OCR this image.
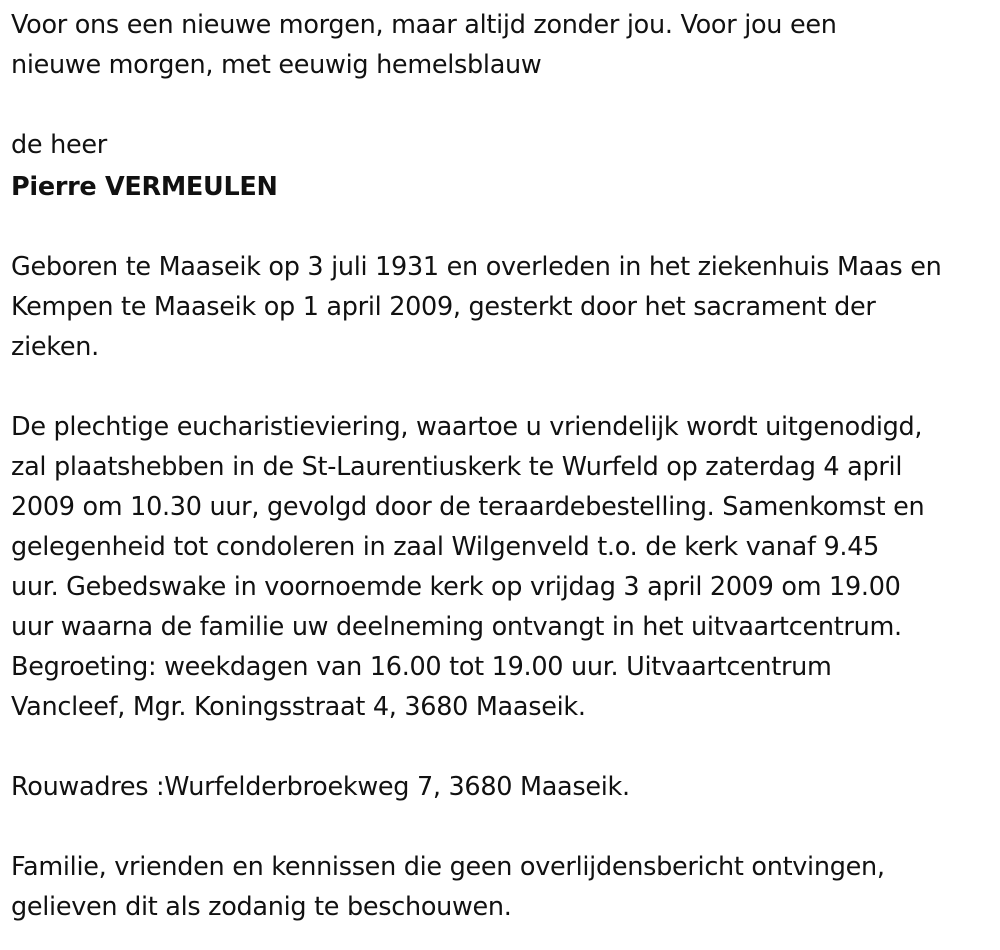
Voor ons een nieuwe morgen, maar altijd zonder jou. Voor jou een

nieuwe morgen, met eeuwig hemelsblauw

de heer

Pierre VERMEULEN

Geboren te Maaseik op 3 juli 1931 en overleden in het ziekenhuis Maas en

Kempen te Maaseik op 1 april 2009, gesterkt door het sacrament der

zieken.

De plechtige eucharistieviering, waartoe u vriendelijk wordt uitgenodigd,

zal plaatshebben in de St-Laurentiuskerk te Wurfeld op zaterdag 4 april

2009 om 10.30 uur, gevolgd door de teraardebestelling. Samenkomst en

gelegenheid tot condoleren in zaal Wilgenveld t.o. de kerk vanaf 9.45

uur. Gebedswake in voornoemde kerk op vrijdag 3 april 2009 om 19.00

uur waarna de familie uw deelneming ontvangt in het uitvaartcentrum.

Begroeting: weekdagen van 16.00 tot 19.00 uur. Uitvaartcentrum

Vancleef, Mgr. Koningsstraat 4, 3680 Maaseik.

Rouwadres :Wurfelderbroekweg 7, 3680 Maaseik.

Familie, vrienden en kennissen die geen overlijdensbericht ontvingen,

gelieven dit als zodanig te beschouwen.
